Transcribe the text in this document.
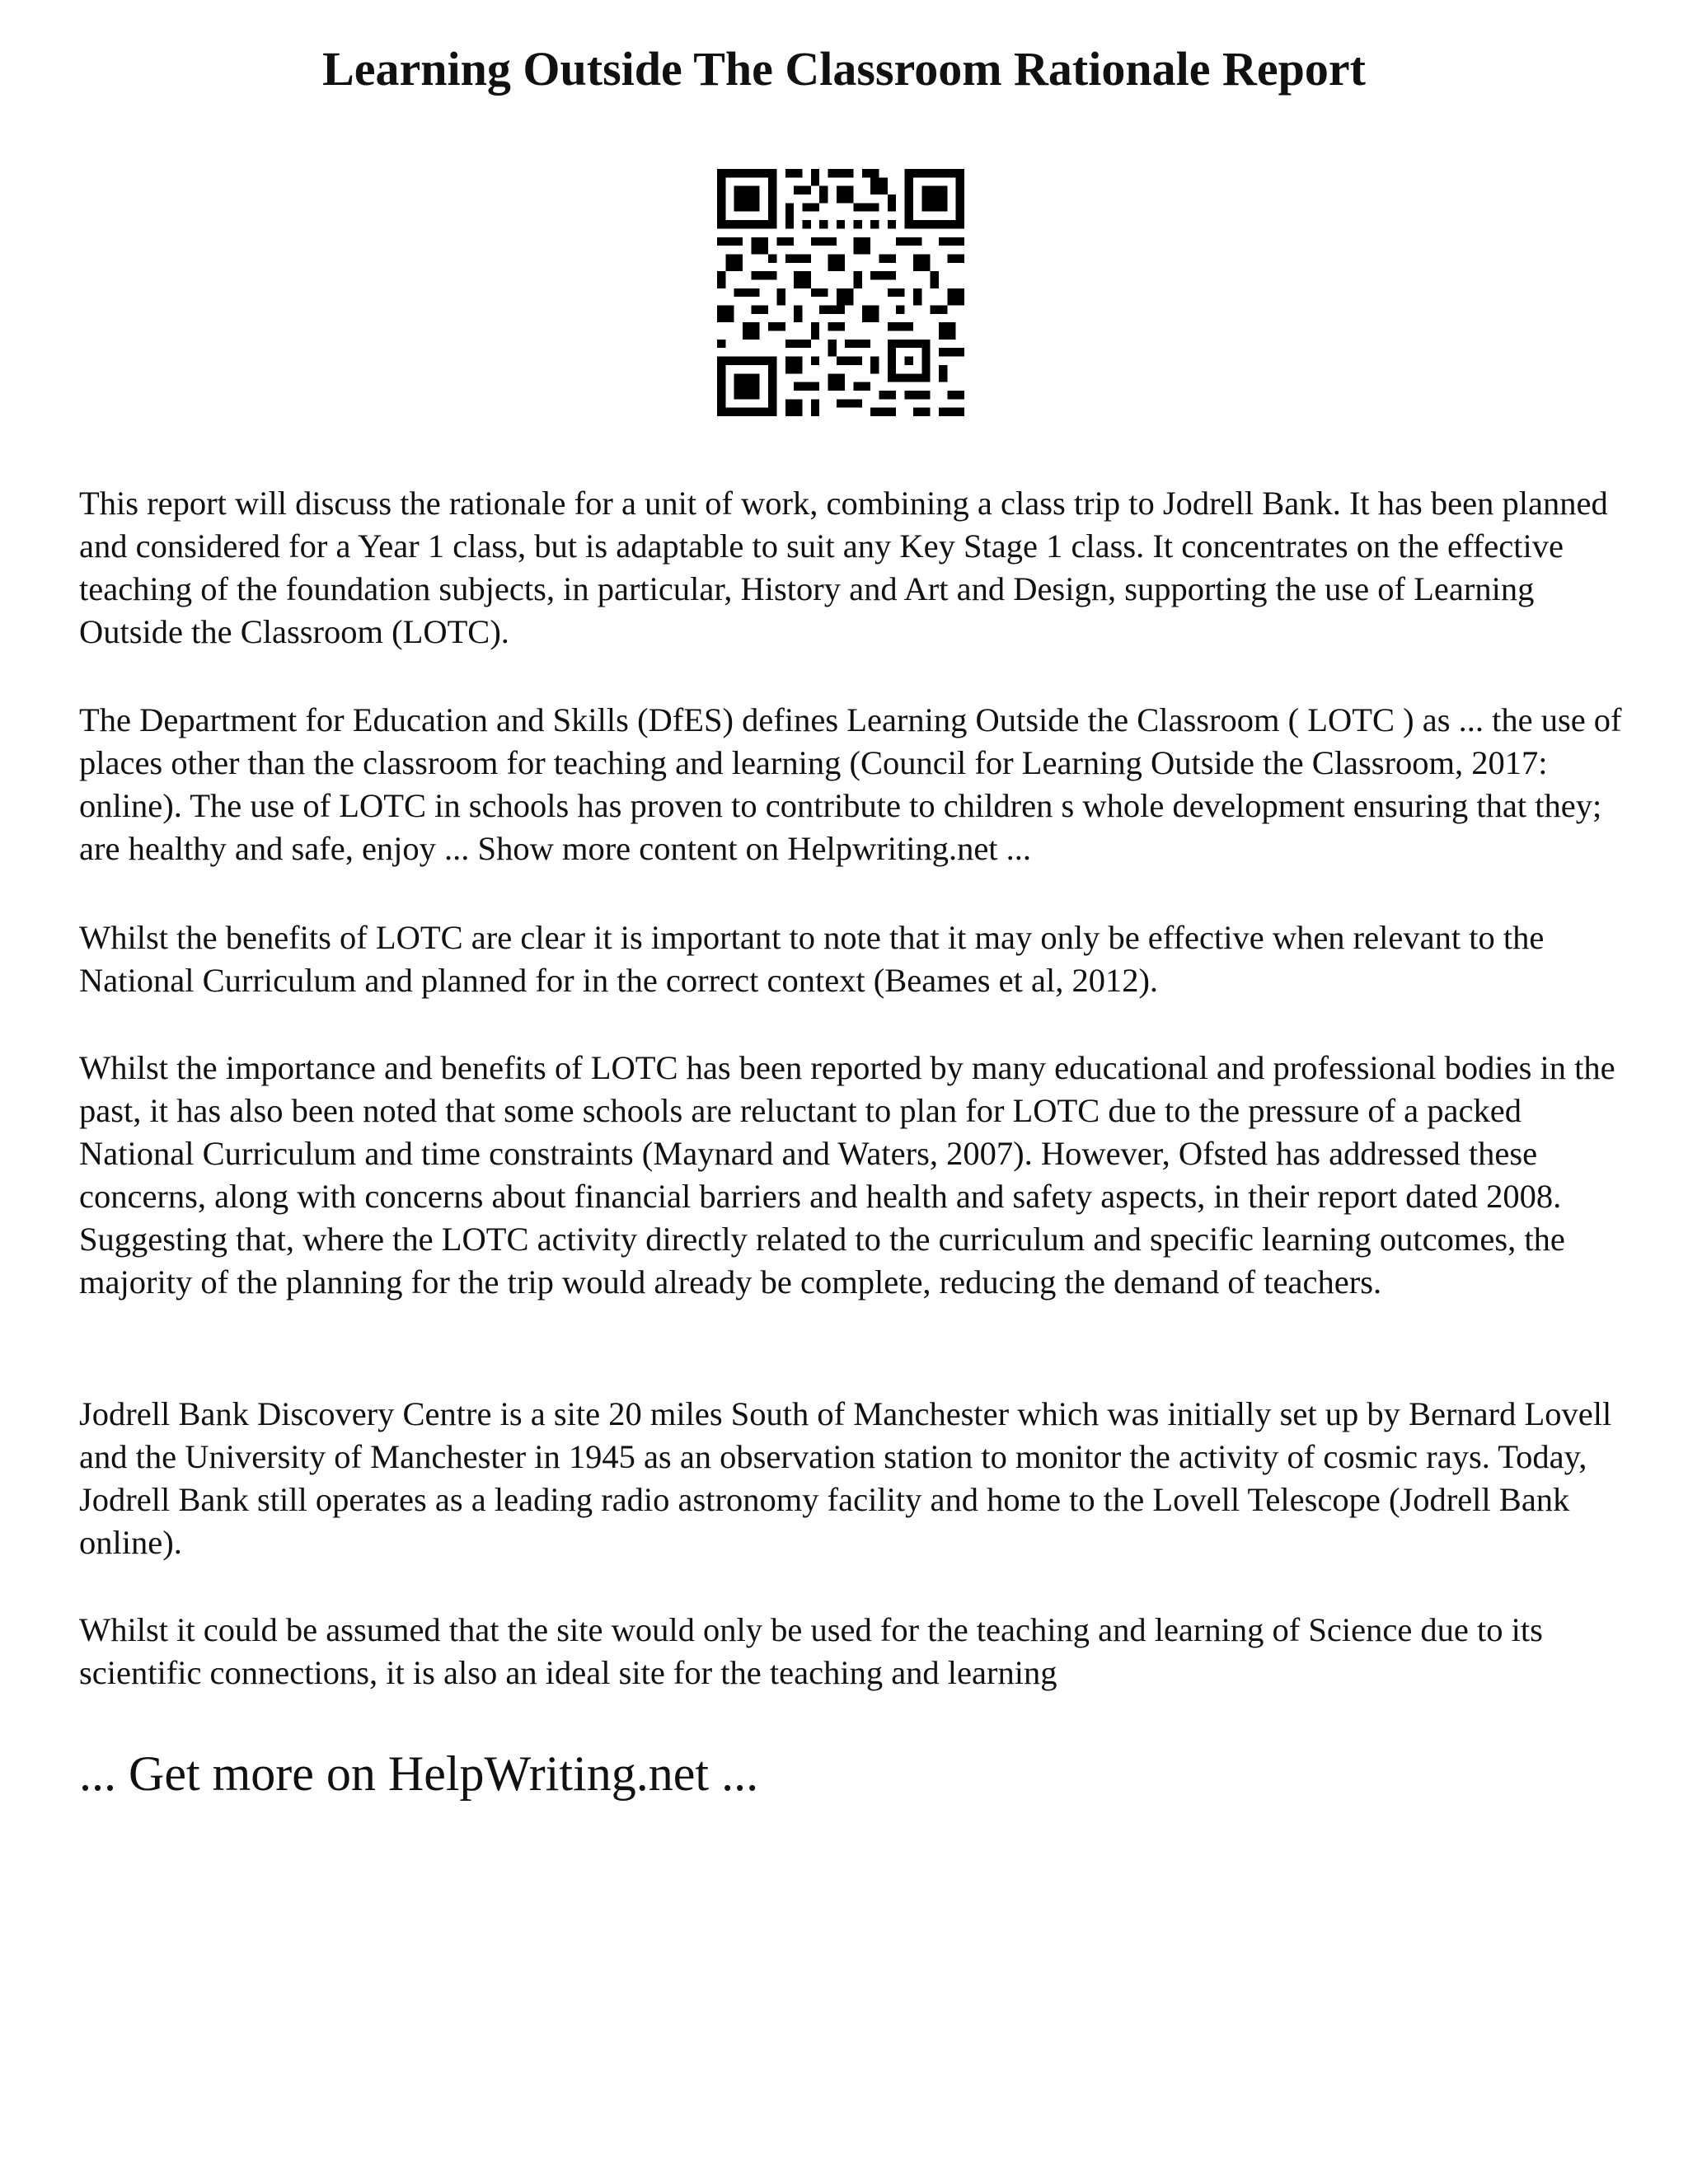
Learning Outside The Classroom Rationale Report

This report will discuss the rationale for a unit of work, combining a class trip to Jodrell Bank. It has been planned and considered for a Year 1 class, but is adaptable to suit any Key Stage 1 class. It concentrates on the effective teaching of the foundation subjects, in particular, History and Art and Design, supporting the use of Learning Outside the Classroom (LOTC).

The Department for Education and Skills (DfES) defines Learning Outside the Classroom ( LOTC ) as ... the use of places other than the classroom for teaching and learning (Council for Learning Outside the Classroom, 2017: online). The use of LOTC in schools has proven to contribute to children s whole development ensuring that they; are healthy and safe, enjoy ... Show more content on Helpwriting.net ...

Whilst the benefits of LOTC are clear it is important to note that it may only be effective when relevant to the National Curriculum and planned for in the correct context (Beames et al, 2012).

Whilst the importance and benefits of LOTC has been reported by many educational and professional bodies in the past, it has also been noted that some schools are reluctant to plan for LOTC due to the pressure of a packed National Curriculum and time constraints (Maynard and Waters, 2007). However, Ofsted has addressed these concerns, along with concerns about financial barriers and health and safety aspects, in their report dated 2008. Suggesting that, where the LOTC activity directly related to the curriculum and specific learning outcomes, the majority of the planning for the trip would already be complete, reducing the demand of teachers.

Jodrell Bank Discovery Centre is a site 20 miles South of Manchester which was initially set up by Bernard Lovell and the University of Manchester in 1945 as an observation station to monitor the activity of cosmic rays. Today, Jodrell Bank still operates as a leading radio astronomy facility and home to the Lovell Telescope (Jodrell Bank online).

Whilst it could be assumed that the site would only be used for the teaching and learning of Science due to its scientific connections, it is also an ideal site for the teaching and learning

... Get more on HelpWriting.net ...
